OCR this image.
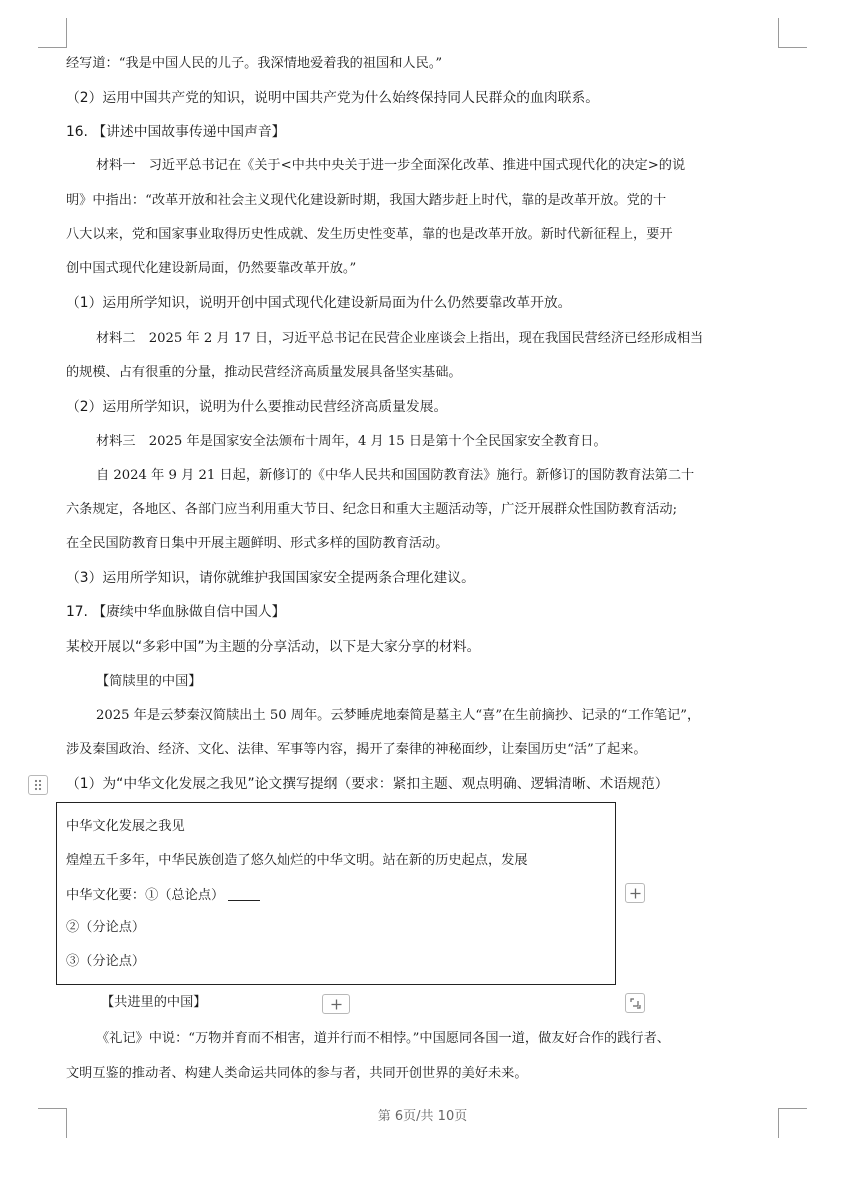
经写道：“我是中国人民的儿子。我深情地爱着我的祖国和人民。”
（2）运用中国共产党的知识，说明中国共产党为什么始终保持同人民群众的血肉联系。
16. 【讲述中国故事传递中国声音】
材料一　习近平总书记在《关于<中共中央关于进一步全面深化改革、推进中国式现代化的决定>的说
明》中指出：“改革开放和社会主义现代化建设新时期，我国大踏步赶上时代，靠的是改革开放。党的十
八大以来，党和国家事业取得历史性成就、发生历史性变革，靠的也是改革开放。新时代新征程上，要开
创中国式现代化建设新局面，仍然要靠改革开放。”
（1）运用所学知识，说明开创中国式现代化建设新局面为什么仍然要靠改革开放。
材料二　2025 年 2 月 17 日，习近平总书记在民营企业座谈会上指出，现在我国民营经济已经形成相当
的规模、占有很重的分量，推动民营经济高质量发展具备坚实基础。
（2）运用所学知识，说明为什么要推动民营经济高质量发展。
材料三　2025 年是国家安全法颁布十周年，4 月 15 日是第十个全民国家安全教育日。
自 2024 年 9 月 21 日起，新修订的《中华人民共和国国防教育法》施行。新修订的国防教育法第二十
六条规定，各地区、各部门应当利用重大节日、纪念日和重大主题活动等，广泛开展群众性国防教育活动;
在全民国防教育日集中开展主题鲜明、形式多样的国防教育活动。
（3）运用所学知识，请你就维护我国国家安全提两条合理化建议。
17. 【赓续中华血脉做自信中国人】
某校开展以“多彩中国”为主题的分享活动，以下是大家分享的材料。
【简牍里的中国】
2025 年是云梦秦汉简牍出土 50 周年。云梦睡虎地秦简是墓主人“喜”在生前摘抄、记录的“工作笔记”，
涉及秦国政治、经济、文化、法律、军事等内容，揭开了秦律的神秘面纱，让秦国历史“活”了起来。
（1）为“中华文化发展之我见”论文撰写提纲（要求：紧扣主题、观点明确、逻辑清晰、术语规范）
中华文化发展之我见
煌煌五千多年，中华民族创造了悠久灿烂的中华文明。站在新的历史起点，发展
中华文化要：①（总论点）
②（分论点）
③（分论点）
【共进里的中国】
《礼记》中说：“万物并育而不相害，道并行而不相悖。”中国愿同各国一道，做友好合作的践行者、
文明互鉴的推动者、构建人类命运共同体的参与者，共同开创世界的美好未来。
第 6页/共 10页
